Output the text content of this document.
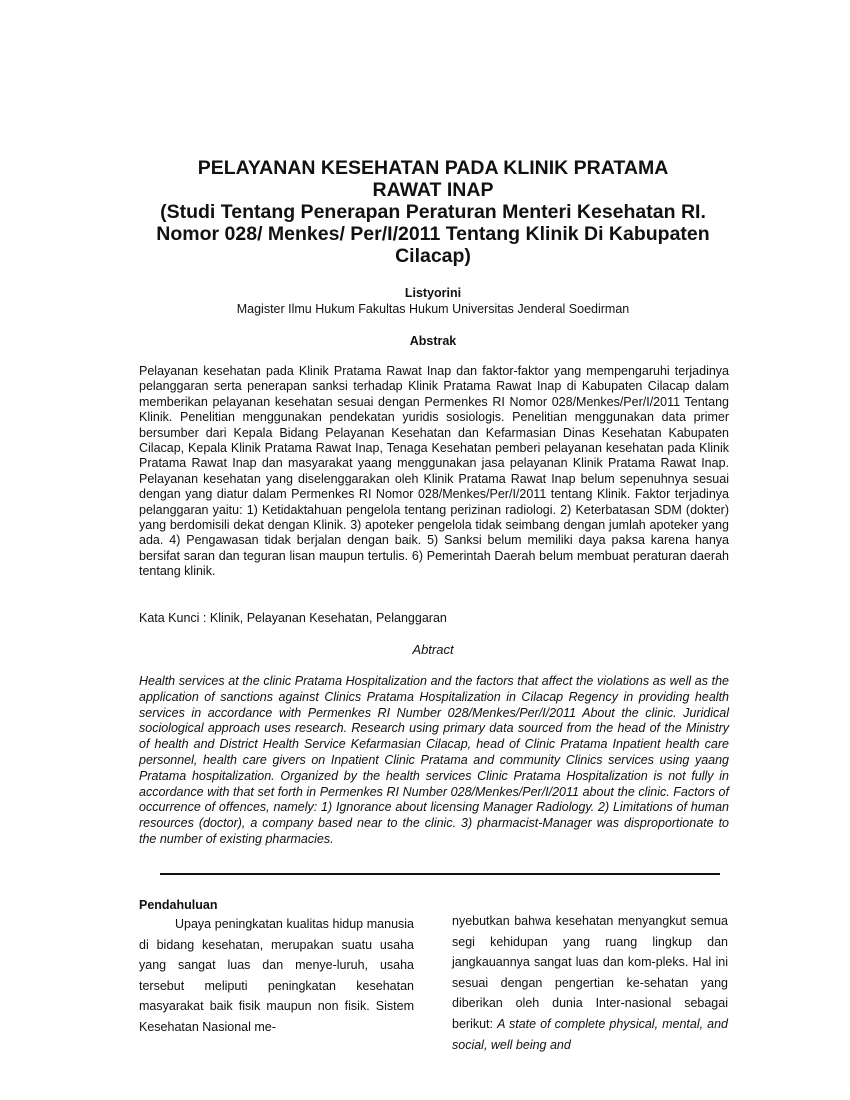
PELAYANAN KESEHATAN PADA KLINIK PRATAMA
RAWAT INAP
(Studi Tentang Penerapan Peraturan Menteri Kesehatan RI.
Nomor 028/ Menkes/ Per/I/2011 Tentang Klinik Di Kabupaten
Cilacap)

Listyorini

Magister Ilmu Hukum Fakultas Hukum Universitas Jenderal Soedirman

Abstrak

Pelayanan kesehatan pada Klinik Pratama Rawat Inap dan faktor-faktor yang mempengaruhi terjadinya pelanggaran serta penerapan sanksi terhadap Klinik Pratama Rawat Inap di Kabupaten Cilacap dalam memberikan pelayanan kesehatan sesuai dengan Permenkes RI Nomor 028/Menkes/Per/I/2011 Tentang Klinik. Penelitian menggunakan pendekatan yuridis sosiologis. Penelitian menggunakan data primer bersumber dari Kepala Bidang Pelayanan Kesehatan dan Kefarmasian Dinas Kesehatan Kabupaten Cilacap, Kepala Klinik Pratama Rawat Inap, Tenaga Kesehatan pemberi pelayanan kesehatan pada Klinik Pratama Rawat Inap dan masyarakat yaang menggunakan jasa pelayanan Klinik Pratama Rawat Inap. Pelayanan kesehatan yang diselenggarakan oleh Klinik Pratama Rawat Inap belum sepenuhnya sesuai dengan yang diatur dalam Permenkes RI Nomor 028/Menkes/Per/I/2011 tentang Klinik. Faktor terjadinya pelanggaran yaitu: 1) Ketidaktahuan pengelola tentang perizinan radiologi. 2) Keterbatasan SDM (dokter) yang berdomisili dekat dengan Klinik. 3) apoteker pengelola tidak seimbang dengan jumlah apoteker yang ada. 4) Pengawasan tidak berjalan dengan baik. 5) Sanksi belum memiliki daya paksa karena hanya bersifat saran dan teguran lisan maupun tertulis. 6) Pemerintah Daerah belum membuat peraturan daerah tentang klinik.

Kata Kunci : Klinik, Pelayanan Kesehatan, Pelanggaran

Abtract

Health services at the clinic Pratama Hospitalization and the factors that affect the violations as well as the application of sanctions against Clinics Pratama Hospitalization in Cilacap Regency in providing health services in accordance with Permenkes RI Number 028/Menkes/Per/I/2011 About the clinic. Juridical sociological approach uses research. Research using primary data sourced from the head of the Ministry of health and District Health Service Kefarmasian Cilacap, head of Clinic Pratama Inpatient health care personnel, health care givers on Inpatient Clinic Pratama and community Clinics services using yaang Pratama hospitalization. Organized by the health services Clinic Pratama Hospitalization is not fully in accordance with that set forth in Permenkes RI Number 028/Menkes/Per/I/2011 about the clinic. Factors of occurrence of offences, namely: 1) Ignorance about licensing Manager Radiology. 2) Limitations of human resources (doctor), a company based near to the clinic. 3) pharmacist-Manager was disproportionate to the number of existing pharmacies.

Pendahuluan

Upaya peningkatan kualitas hidup manusia di bidang kesehatan, merupakan suatu usaha yang sangat luas dan menye-luruh, usaha tersebut meliputi peningkatan kesehatan masyarakat baik fisik maupun non fisik. Sistem Kesehatan Nasional me-

nyebutkan bahwa kesehatan menyangkut semua segi kehidupan yang ruang lingkup dan jangkauannya sangat luas dan kom-pleks. Hal ini sesuai dengan pengertian ke-sehatan yang diberikan oleh dunia Inter-nasional sebagai berikut: A state of complete physical, mental, and social, well being and
